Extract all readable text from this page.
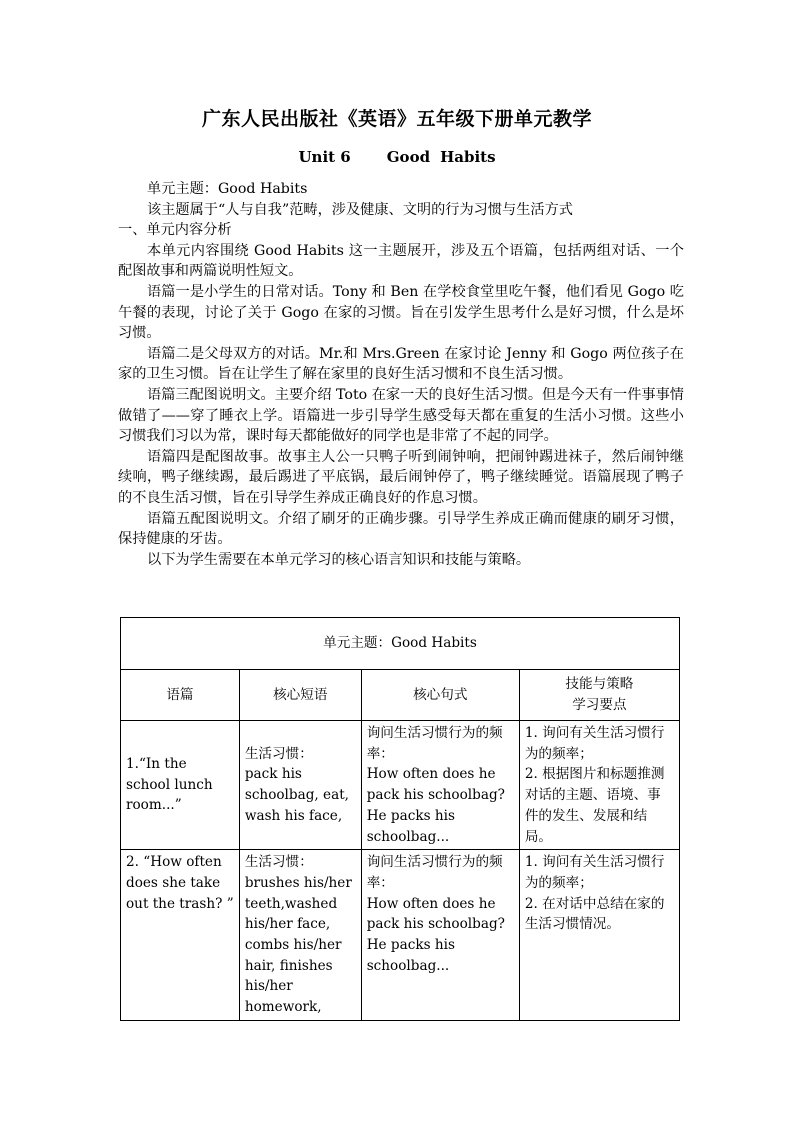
广东人民出版社《英语》五年级下册单元教学
Unit 6 Good Habits

单元主题：Good Habits

该主题属于“人与自我”范畴，涉及健康、文明的行为习惯与生活方式

一、单元内容分析

本单元内容围绕 Good Habits 这一主题展开，涉及五个语篇，包括两组对话、一个配图故事和两篇说明性短文。

语篇一是小学生的日常对话。Tony 和 Ben 在学校食堂里吃午餐，他们看见 Gogo 吃午餐的表现，讨论了关于 Gogo 在家的习惯。旨在引发学生思考什么是好习惯，什么是坏习惯。

语篇二是父母双方的对话。Mr.和 Mrs.Green 在家讨论 Jenny 和 Gogo 两位孩子在家的卫生习惯。旨在让学生了解在家里的良好生活习惯和不良生活习惯。

语篇三配图说明文。主要介绍 Toto 在家一天的良好生活习惯。但是今天有一件事事情做错了——穿了睡衣上学。语篇进一步引导学生感受每天都在重复的生活小习惯。这些小习惯我们习以为常，课时每天都能做好的同学也是非常了不起的同学。

语篇四是配图故事。故事主人公一只鸭子听到闹钟响，把闹钟踢进袜子，然后闹钟继续响，鸭子继续踢，最后踢进了平底锅，最后闹钟停了，鸭子继续睡觉。语篇展现了鸭子的不良生活习惯，旨在引导学生养成正确良好的作息习惯。

语篇五配图说明文。介绍了刷牙的正确步骤。引导学生养成正确而健康的刷牙习惯，保持健康的牙齿。

以下为学生需要在本单元学习的核心语言知识和技能与策略。

单元主题：Good Habits			
语篇	核心短语	核心句式	技能与策略
学习要点
1.“In the school lunch room...”	生活习惯：
pack his schoolbag, eat, wash his face,	询问生活习惯行为的频率：
How often does he pack his schoolbag?
He packs his schoolbag...	1. 询问有关生活习惯行为的频率；
2. 根据图片和标题推测对话的主题、语境、事件的发生、发展和结局。
2. “How often does she take out the trash? ”	生活习惯：
brushes his/her teeth,washed his/her face, combs his/her hair, finishes his/her homework,	询问生活习惯行为的频率：
How often does he pack his schoolbag?
He packs his schoolbag...	1. 询问有关生活习惯行为的频率；
2. 在对话中总结在家的生活习惯情况。
